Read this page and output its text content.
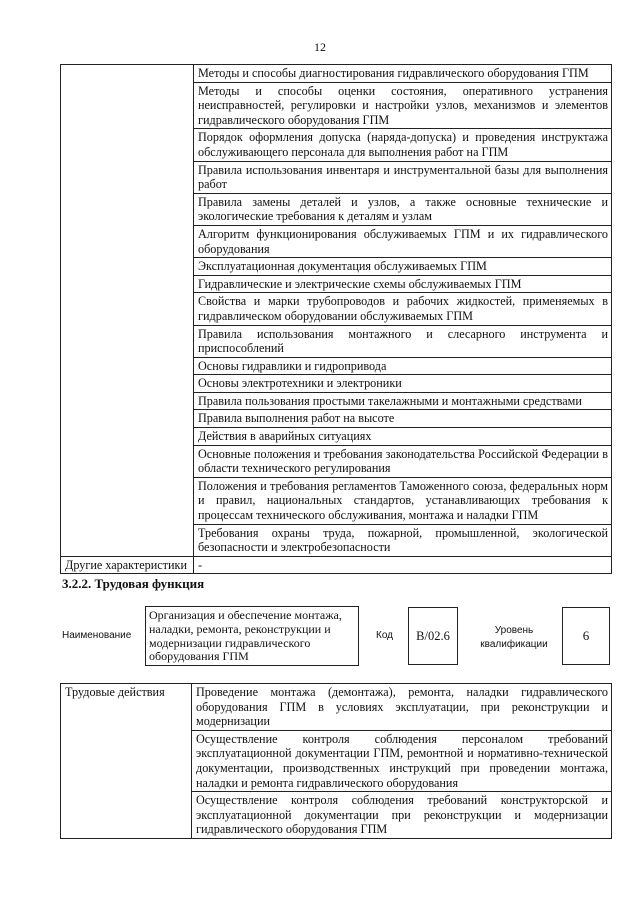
12
	Методы и способы диагностирования гидравлического оборудования ГПМ
	Методы и способы оценки состояния, оперативного устранения неисправностей, регулировки и настройки узлов, механизмов и элементов гидравлического оборудования ГПМ
	Порядок оформления допуска (наряда-допуска) и проведения инструктажа обслуживающего персонала для выполнения работ на ГПМ
	Правила использования инвентаря и инструментальной базы для выполнения работ
	Правила замены деталей и узлов, а также основные технические и экологические требования к деталям и узлам
	Алгоритм функционирования обслуживаемых ГПМ и их гидравлического оборудования
	Эксплуатационная документация обслуживаемых ГПМ
	Гидравлические и электрические схемы обслуживаемых ГПМ
	Свойства и марки трубопроводов и рабочих жидкостей, применяемых в гидравлическом оборудовании обслуживаемых ГПМ
	Правила использования монтажного и слесарного инструмента и приспособлений
	Основы гидравлики и гидропривода
	Основы электротехники и электроники
	Правила пользования простыми такелажными и монтажными средствами
	Правила выполнения работ на высоте
	Действия в аварийных ситуациях
	Основные положения и требования законодательства Российской Федерации в области технического регулирования
	Положения и требования регламентов Таможенного союза, федеральных норм и правил, национальных стандартов, устанавливающих требования к процессам технического обслуживания, монтажа и наладки ГПМ
	Требования охраны труда, пожарной, промышленной, экологической безопасности и электробезопасности
Другие характеристики	-
3.2.2. Трудовая функция
Наименование
Организация и обеспечение монтажа, наладки, ремонта, реконструкции и модернизации гидравлического оборудования ГПМ
Код	B/02.6	Уровень квалификации
6
Трудовые действия	Проведение монтажа (демонтажа), ремонта, наладки гидравлического оборудования ГПМ в условиях эксплуатации, при реконструкции и модернизации
Осуществление контроля соблюдения персоналом требований эксплуатационной документации ГПМ, ремонтной и нормативно-технической документации, производственных инструкций при проведении монтажа, наладки и ремонта гидравлического оборудования
Осуществление контроля соблюдения требований конструкторской и эксплуатационной документации при реконструкции и модернизации гидравлического оборудования ГПМ
